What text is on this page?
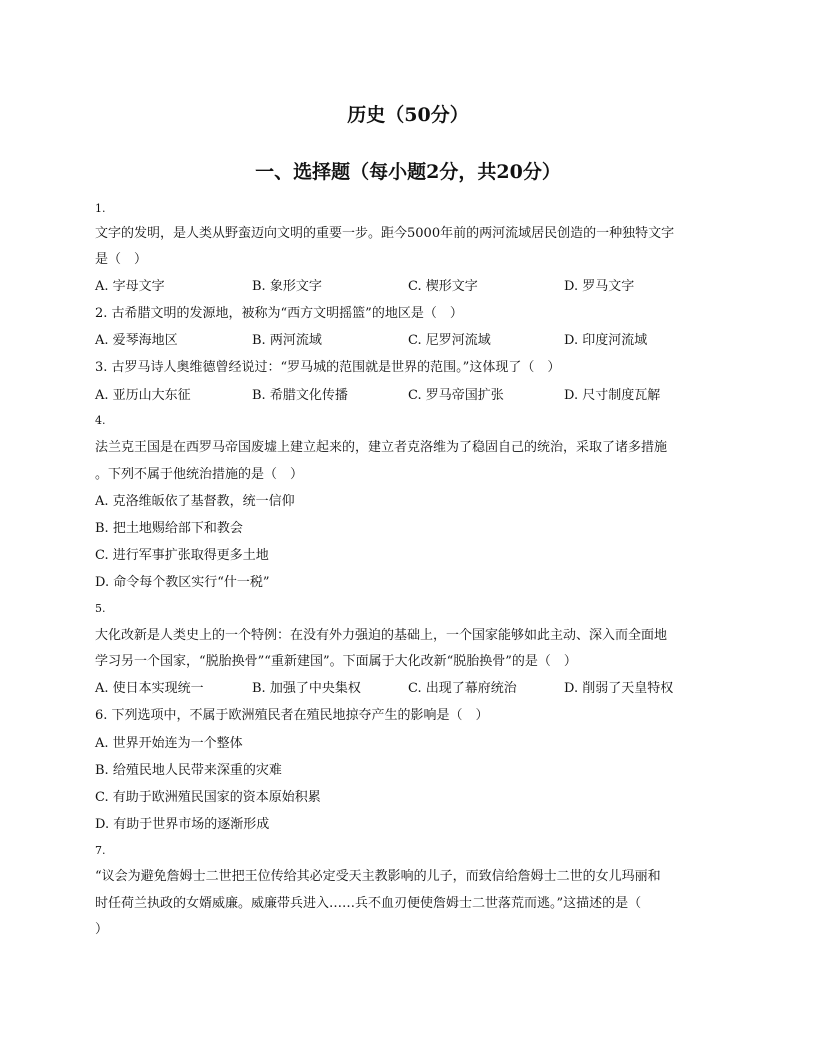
历史（50分）
一、选择题（每小题2分，共20分）
1.
文字的发明，是人类从野蛮迈向文明的重要一步。距今5000年前的两河流域居民创造的一种独特文字
是（　）
A. 字母文字	B. 象形文字	C. 楔形文字	D. 罗马文字
2. 古希腊文明的发源地，被称为“西方文明摇篮”的地区是（　）
A. 爱琴海地区	B. 两河流域	C. 尼罗河流域	D. 印度河流域
3. 古罗马诗人奥维德曾经说过：“罗马城的范围就是世界的范围。”这体现了（　）
A. 亚历山大东征	B. 希腊文化传播	C. 罗马帝国扩张	D. 尺寸制度瓦解
4.
法兰克王国是在西罗马帝国废墟上建立起来的，建立者克洛维为了稳固自己的统治，采取了诸多措施
。下列不属于他统治措施的是（　）
A. 克洛维皈依了基督教，统一信仰
B. 把土地赐给部下和教会
C. 进行军事扩张取得更多土地
D. 命令每个教区实行“什一税”
5.
大化改新是人类史上的一个特例：在没有外力强迫的基础上，一个国家能够如此主动、深入而全面地
学习另一个国家，“脱胎换骨”“重新建国”。下面属于大化改新“脱胎换骨”的是（　）
A. 使日本实现统一	B. 加强了中央集权	C. 出现了幕府统治	D. 削弱了天皇特权
6. 下列选项中，不属于欧洲殖民者在殖民地掠夺产生的影响是（　）
A. 世界开始连为一个整体
B. 给殖民地人民带来深重的灾难
C. 有助于欧洲殖民国家的资本原始积累
D. 有助于世界市场的逐渐形成
7.
“议会为避免詹姆士二世把王位传给其必定受天主教影响的儿子，而致信给詹姆士二世的女儿玛丽和
时任荷兰执政的女婿威廉。威廉带兵进入……兵不血刃便使詹姆士二世落荒而逃。”这描述的是（
）
